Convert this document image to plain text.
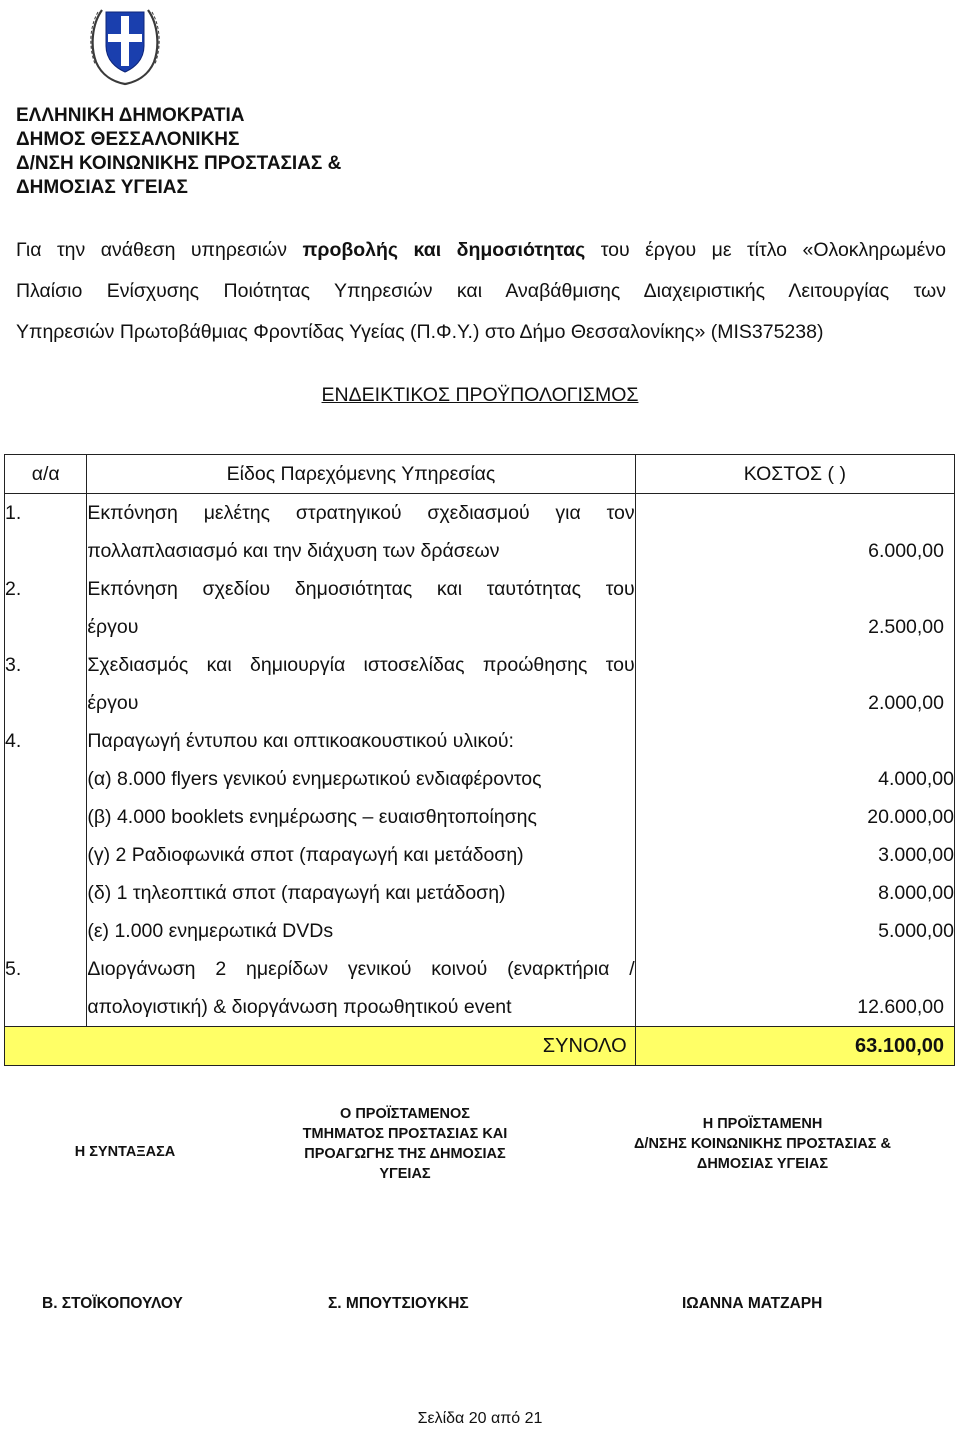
ΕΛΛΗΝΙΚΗ ΔΗΜΟΚΡΑΤΙΑ
ΔΗΜΟΣ ΘΕΣΣΑΛΟΝΙΚΗΣ
Δ/ΝΣΗ ΚΟΙΝΩΝΙΚΗΣ ΠΡΟΣΤΑΣΙΑΣ &
ΔΗΜΟΣΙΑΣ ΥΓΕΙΑΣ
Για την ανάθεση υπηρεσιών προβολής και δημοσιότητας του έργου με τίτλο «Ολοκληρωμένο
Πλαίσιο Ενίσχυσης Ποιότητας Υπηρεσιών και Αναβάθμισης Διαχειριστικής Λειτουργίας των
Υπηρεσιών Πρωτοβάθμιας Φροντίδας Υγείας (Π.Φ.Υ.) στο Δήμο Θεσσαλονίκης» (MIS375238)
ΕΝΔΕΙΚΤΙΚΟΣ ΠΡΟΫΠΟΛΟΓΙΣΜΟΣ
α/α	Είδος Παρεχόμενης Υπηρεσίας	ΚΟΣΤΟΣ ( )
1.	Εκπόνηση μελέτης στρατηγικού σχεδιασμού για τον
πολλαπλασιασμό και την διάχυση των δράσεων	6.000,00
2.	Εκπόνηση σχεδίου δημοσιότητας και ταυτότητας του
έργου	2.500,00
3.	Σχεδιασμός και δημιουργία ιστοσελίδας προώθησης του
έργου	2.000,00
4.	Παραγωγή έντυπου και οπτικοακουστικού υλικού:	
	(α) 8.000 flyers γενικού ενημερωτικού ενδιαφέροντος	4.000,00
	(β) 4.000 booklets ενημέρωσης – ευαισθητοποίησης	20.000,00
	(γ) 2 Ραδιοφωνικά σποτ (παραγωγή και μετάδοση)	3.000,00
	(δ) 1 τηλεοπτικά σποτ (παραγωγή και μετάδοση)	8.000,00
	(ε) 1.000 ενημερωτικά DVDs	5.000,00
5.	Διοργάνωση 2 ημερίδων γενικού κοινού (εναρκτήρια /
απολογιστική) & διοργάνωση προωθητικού event	12.600,00
ΣΥΝΟΛΟ		63.100,00
Η ΣΥΝΤΑΞΑΣΑ
Ο ΠΡΟΪΣΤΑΜΕΝΟΣ
ΤΜΗΜΑΤΟΣ ΠΡΟΣΤΑΣΙΑΣ ΚΑΙ
ΠΡΟΑΓΩΓΗΣ ΤΗΣ ΔΗΜΟΣΙΑΣ
ΥΓΕΙΑΣ
Η ΠΡΟΪΣΤΑΜΕΝΗ
Δ/ΝΣΗΣ ΚΟΙΝΩΝΙΚΗΣ ΠΡΟΣΤΑΣΙΑΣ &
ΔΗΜΟΣΙΑΣ ΥΓΕΙΑΣ
Β. ΣΤΟΪΚΟΠΟΥΛΟΥ	Σ. ΜΠΟΥΤΣΙΟΥΚΗΣ	ΙΩΑΝΝΑ ΜΑΤΖΑΡΗ
Σελίδα 20 από 21
